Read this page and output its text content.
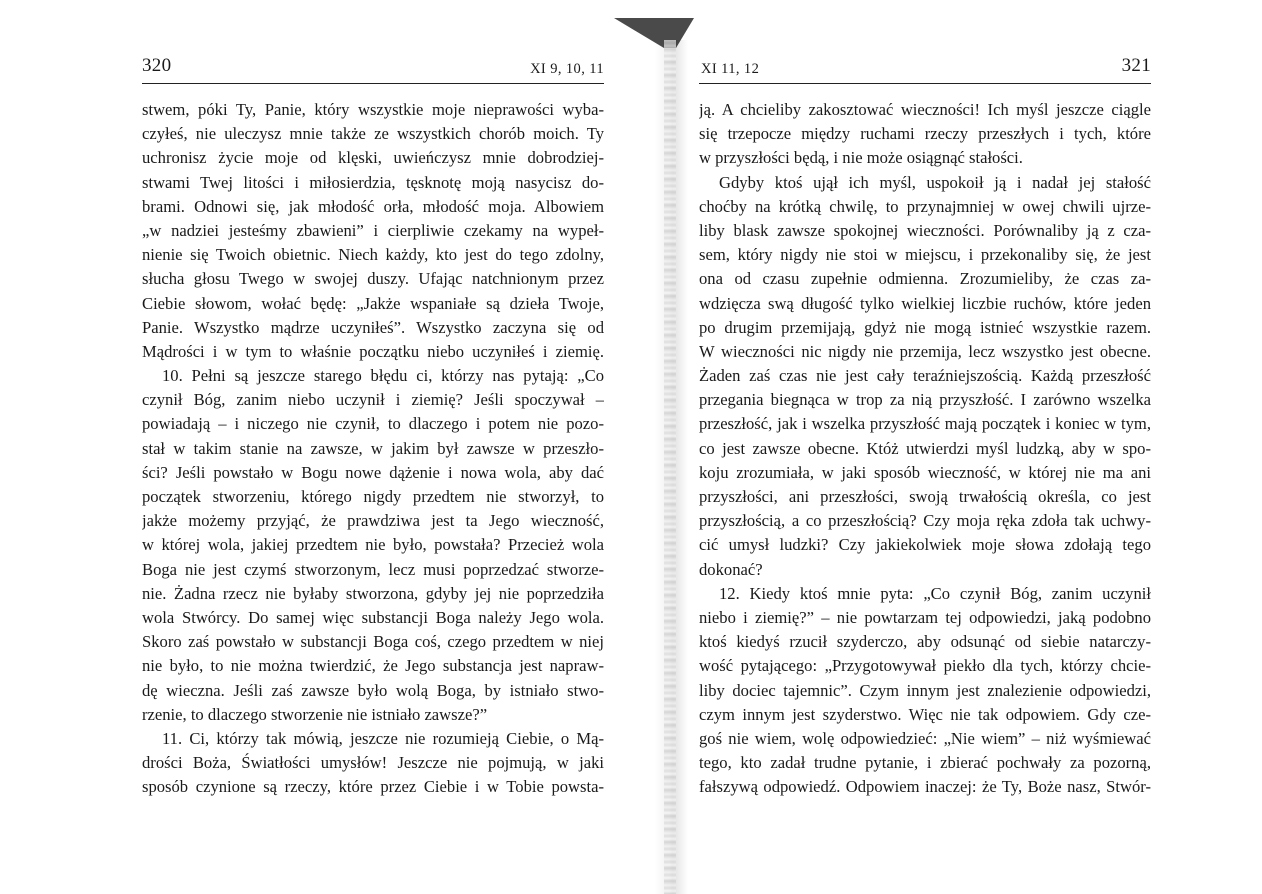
320	XI 9, 10, 11
stwem, póki Ty, Panie, który wszystkie moje nieprawości wyba-
czyłeś, nie uleczysz mnie także ze wszystkich chorób moich. Ty
uchronisz życie moje od klęski, uwieńczysz mnie dobrodziej-
stwami Twej litości i miłosierdzia, tęsknotę moją nasycisz do-
brami. Odnowi się, jak młodość orła, młodość moja. Albowiem
„w nadziei jesteśmy zbawieni” i cierpliwie czekamy na wypeł-
nienie się Twoich obietnic. Niech każdy, kto jest do tego zdolny,
słucha głosu Twego w swojej duszy. Ufając natchnionym przez
Ciebie słowom, wołać będę: „Jakże wspaniałe są dzieła Twoje,
Panie. Wszystko mądrze uczyniłeś”. Wszystko zaczyna się od
Mądrości i w tym to właśnie początku niebo uczyniłeś i ziemię.
10. Pełni są jeszcze starego błędu ci, którzy nas pytają: „Co
czynił Bóg, zanim niebo uczynił i ziemię? Jeśli spoczywał –
powiadają – i niczego nie czynił, to dlaczego i potem nie pozo-
stał w takim stanie na zawsze, w jakim był zawsze w przeszło-
ści? Jeśli powstało w Bogu nowe dążenie i nowa wola, aby dać
początek stworzeniu, którego nigdy przedtem nie stworzył, to
jakże możemy przyjąć, że prawdziwa jest ta Jego wieczność,
w której wola, jakiej przedtem nie było, powstała? Przecież wola
Boga nie jest czymś stworzonym, lecz musi poprzedzać stworze-
nie. Żadna rzecz nie byłaby stworzona, gdyby jej nie poprzedziła
wola Stwórcy. Do samej więc substancji Boga należy Jego wola.
Skoro zaś powstało w substancji Boga coś, czego przedtem w niej
nie było, to nie można twierdzić, że Jego substancja jest napraw-
dę wieczna. Jeśli zaś zawsze było wolą Boga, by istniało stwo-
rzenie, to dlaczego stworzenie nie istniało zawsze?”
11. Ci, którzy tak mówią, jeszcze nie rozumieją Ciebie, o Mą-
drości Boża, Światłości umysłów! Jeszcze nie pojmują, w jaki
sposób czynione są rzeczy, które przez Ciebie i w Tobie powsta-
XI 11, 12	321
ją. A chcieliby zakosztować wieczności! Ich myśl jeszcze ciągle
się trzepocze między ruchami rzeczy przeszłych i tych, które
w przyszłości będą, i nie może osiągnąć stałości.
Gdyby ktoś ujął ich myśl, uspokoił ją i nadał jej stałość
choćby na krótką chwilę, to przynajmniej w owej chwili ujrze-
liby blask zawsze spokojnej wieczności. Porównaliby ją z cza-
sem, który nigdy nie stoi w miejscu, i przekonaliby się, że jest
ona od czasu zupełnie odmienna. Zrozumieliby, że czas za-
wdzięcza swą długość tylko wielkiej liczbie ruchów, które jeden
po drugim przemijają, gdyż nie mogą istnieć wszystkie razem.
W wieczności nic nigdy nie przemija, lecz wszystko jest obecne.
Żaden zaś czas nie jest cały teraźniejszością. Każdą przeszłość
przegania biegnąca w trop za nią przyszłość. I zarówno wszelka
przeszłość, jak i wszelka przyszłość mają początek i koniec w tym,
co jest zawsze obecne. Któż utwierdzi myśl ludzką, aby w spo-
koju zrozumiała, w jaki sposób wieczność, w której nie ma ani
przyszłości, ani przeszłości, swoją trwałością określa, co jest
przyszłością, a co przeszłością? Czy moja ręka zdoła tak uchwy-
cić umysł ludzki? Czy jakiekolwiek moje słowa zdołają tego
dokonać?
12. Kiedy ktoś mnie pyta: „Co czynił Bóg, zanim uczynił
niebo i ziemię?” – nie powtarzam tej odpowiedzi, jaką podobno
ktoś kiedyś rzucił szyderczo, aby odsunąć od siebie natarczy-
wość pytającego: „Przygotowywał piekło dla tych, którzy chcie-
liby dociec tajemnic”. Czym innym jest znalezienie odpowiedzi,
czym innym jest szyderstwo. Więc nie tak odpowiem. Gdy cze-
goś nie wiem, wolę odpowiedzieć: „Nie wiem” – niż wyśmiewać
tego, kto zadał trudne pytanie, i zbierać pochwały za pozorną,
fałszywą odpowiedź. Odpowiem inaczej: że Ty, Boże nasz, Stwór-
